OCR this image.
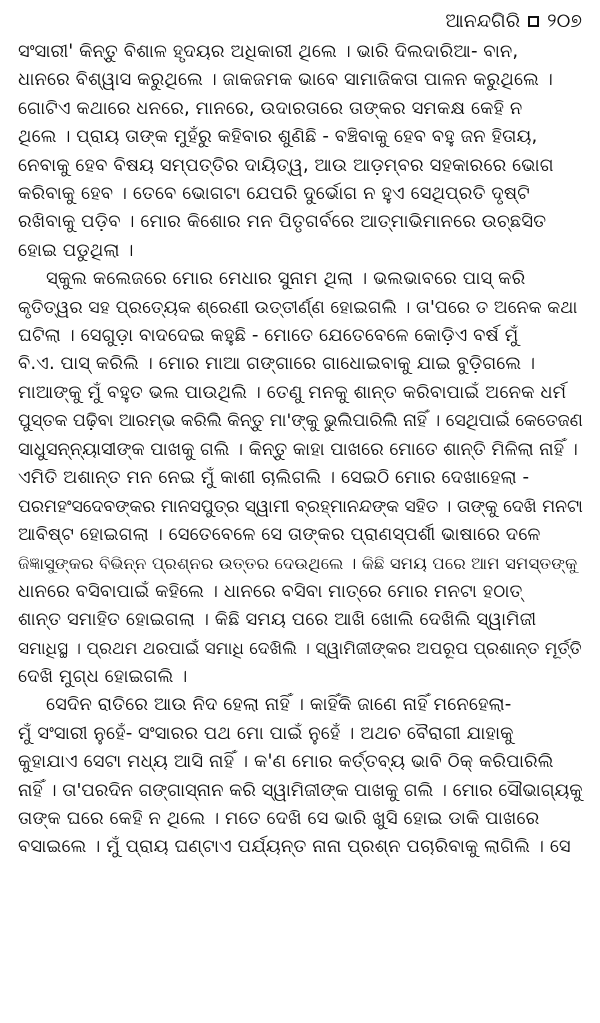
ଆନନ୍ଦଗିରି ୨୦୭
ସଂସାରୀ' କିନ୍ତୁ ବିଶାଳ ହୃଦୟର ଅଧିକାରୀ ଥିଲେ । ଭାରି ଦିଲଦାରିଆ- ବାନ,
ଧାନରେ ବିଶ୍ୱାସ କରୁଥିଲେ । ଜାକଜମକ ଭାବେ ସାମାଜିକତା ପାଳନ କରୁଥିଲେ ।
ଗୋଟିଏ କଥାରେ ଧନରେ, ମାନରେ, ଉଦାରତାରେ ତାଙ୍କର ସମକକ୍ଷ କେହି ନ
ଥିଲେ । ପ୍ରାୟ ତାଙ୍କ ମୁହଁରୁ କହିବାର ଶୁଣିଛି - ବଞ୍ଚିବାକୁ ହେବ ବହୁ ଜନ ହିତାୟ,
ନେବାକୁ ହେବ ବିଷୟ ସମ୍ପତ୍ତିର ଦାୟିତ୍ୱ, ଆଉ ଆଡ଼ମ୍ବର ସହକାରରେ ଭୋଗ
କରିବାକୁ ହେବ । ତେବେ ଭୋଗଟା ଯେପରି ଦୁର୍ଭୋଗ ନ ହୁଏ ସେଥିପ୍ରତି ଦୃଷ୍ଟି
ରଖିବାକୁ ପଡ଼ିବ । ମୋର କିଶୋର ମନ ପିତୃଗର୍ବରେ ଆତ୍ମାଭିମାନରେ ଉଚ୍ଛସିତ
ହୋଇ ପଡୁଥିଲା ।
ସ୍କୁଲ କଲେଜରେ ମୋର ମେଧାର ସୁନାମ ଥିଲା । ଭଲଭାବରେ ପାସ୍ କରି
କୃତିତ୍ୱର ସହ ପ୍ରତ୍ୟେକ ଶ୍ରେଣୀ ଉତ୍ତୀର୍ଣ୍ଣ ହୋଇଗଲି । ତା'ପରେ ତ ଅନେକ କଥା
ଘଟିଲା । ସେଗୁଡ଼ା ବାଦଦେଇ କହୁଛି - ମୋତେ ଯେତେବେଳେ କୋଡ଼ିଏ ବର୍ଷ ମୁଁ
ବି.ଏ. ପାସ୍ କରିଲି । ମୋର ମାଆ ଗଙ୍ଗାରେ ଗାଧୋଇବାକୁ ଯାଇ ବୁଡ଼ିଗଲେ ।
ମାଆଙ୍କୁ ମୁଁ ବହୁତ ଭଲ ପାଉଥିଲି । ତେଣୁ ମନକୁ ଶାନ୍ତ କରିବାପାଇଁ ଅନେକ ଧର୍ମ
ପୁସ୍ତକ ପଢ଼ିବା ଆରମ୍ଭ କରିଲି କିନ୍ତୁ ମା'ଙ୍କୁ ଭୁଲିପାରିଲି ନାହିଁ । ସେଥିପାଇଁ କେତେଜଣ
ସାଧୁସନ୍ନ୍ୟାସୀଙ୍କ ପାଖକୁ ଗଲି । କିନ୍ତୁ କାହା ପାଖରେ ମୋତେ ଶାନ୍ତି ମିଳିଲା ନାହିଁ ।
ଏମିତି ଅଶାନ୍ତ ମନ ନେଇ ମୁଁ କାଶୀ ଚାଲିଗଲି । ସେଇଠି ମୋର ଦେଖାହେଲା -
ପରମହଂସଦେବଙ୍କର ମାନସପୁତ୍ର ସ୍ୱାମୀ ବ୍ରହ୍ମାନନ୍ଦଙ୍କ ସହିତ । ତାଙ୍କୁ ଦେଖି ମନଟା
ଆବିଷ୍ଟ ହୋଇଗଲା । ସେତେବେଳେ ସେ ତାଙ୍କର ପ୍ରାଣସ୍ପର୍ଶୀ ଭାଷାରେ ଦଳେ
ଜିଜ୍ଞାସୁଙ୍କର ବିଭିନ୍ନ ପ୍ରଶ୍ନର ଉତ୍ତର ଦେଉଥିଲେ । କିଛି ସମୟ ପରେ ଆମ ସମସ୍ତଙ୍କୁ
ଧାନରେ ବସିବାପାଇଁ କହିଲେ । ଧାନରେ ବସିବା ମାତ୍ରେ ମୋର ମନଟା ହଠାତ୍
ଶାନ୍ତ ସମାହିତ ହୋଇଗଲା । କିଛି ସମୟ ପରେ ଆଖି ଖୋଲି ଦେଖିଲି ସ୍ୱାମିଜୀ
ସମାଧିସ୍ଥ । ପ୍ରଥମ ଥରପାଇଁ ସମାଧି ଦେଖିଲି । ସ୍ୱାମିଜୀଙ୍କର ଅପରୂପ ପ୍ରଶାନ୍ତ ମୂର୍ତ୍ତି
ଦେଖି ମୁଗ୍ଧ ହୋଇଗଲି ।
ସେଦିନ ରାତିରେ ଆଉ ନିଦ ହେଲା ନାହିଁ । କାହିଁକି ଜାଣେ ନାହିଁ ମନେହେଲା-
ମୁଁ ସଂସାରୀ ନୁହେଁ- ସଂସାରର ପଥ ମୋ ପାଇଁ ନୁହେଁ । ଅଥଚ ବୈରାଗୀ ଯାହାକୁ
କୁହାଯାଏ ସେଟା ମଧ୍ୟ ଆସି ନାହିଁ । କ'ଣ ମୋର କର୍ତ୍ତବ୍ୟ ଭାବି ଠିକ୍ କରିପାରିଲି
ନାହିଁ । ତା'ପରଦିନ ଗଙ୍ଗାସ୍ନାନ କରି ସ୍ୱାମିଜୀଙ୍କ ପାଖକୁ ଗଲି । ମୋର ସୌଭାଗ୍ୟକୁ
ତାଙ୍କ ଘରେ କେହି ନ ଥିଲେ । ମତେ ଦେଖି ସେ ଭାରି ଖୁସି ହୋଇ ଡାକି ପାଖରେ
ବସାଇଲେ । ମୁଁ ପ୍ରାୟ ଘଣ୍ଟାଏ ପର୍ଯ୍ୟନ୍ତ ନାନା ପ୍ରଶ୍ନ ପଚାରିବାକୁ ଲାଗିଲି । ସେ
